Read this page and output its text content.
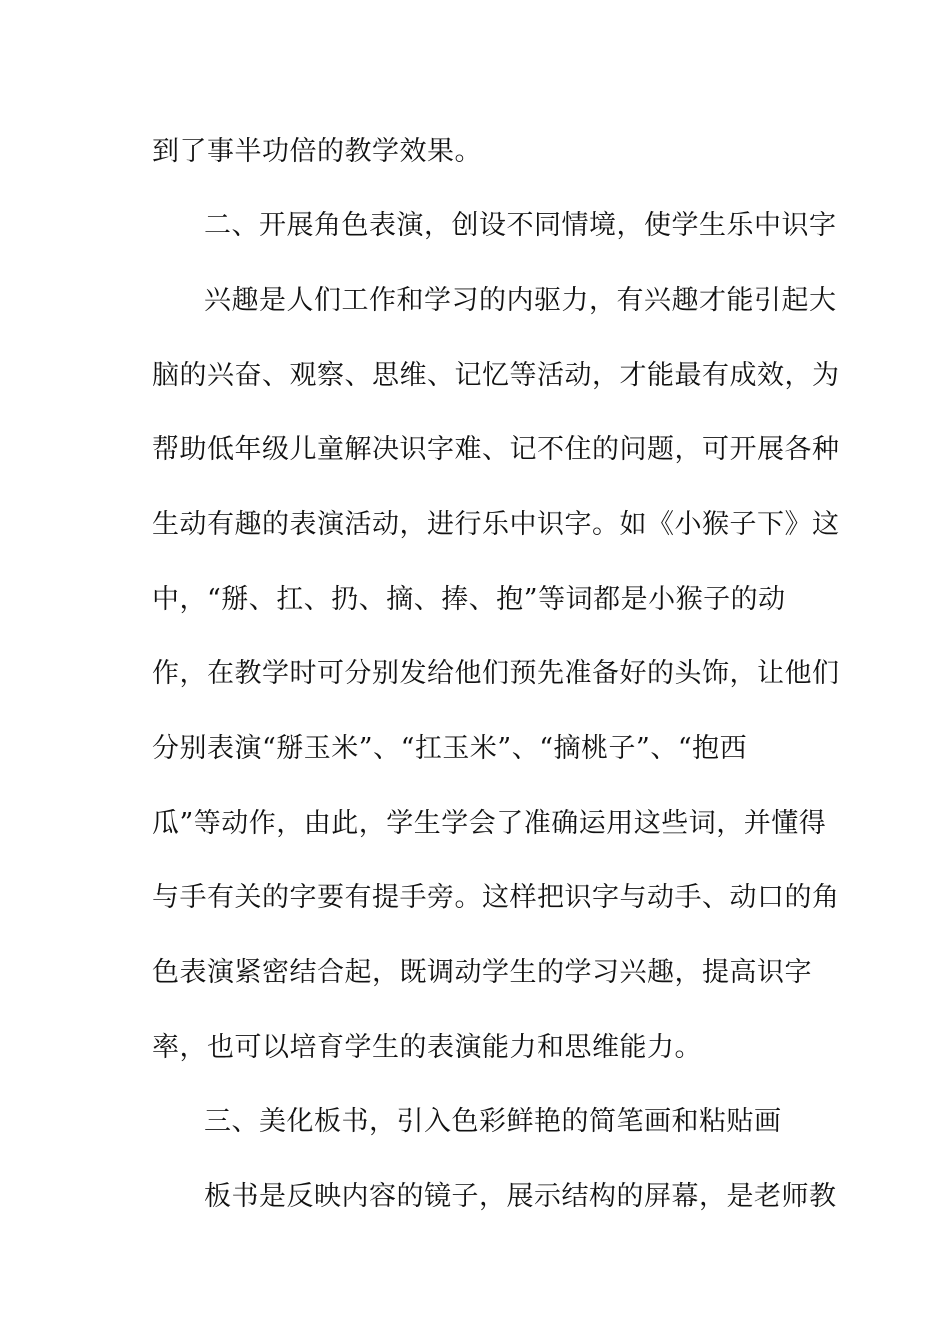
到了事半功倍的教学效果。
二、开展角色表演，创设不同情境，使学生乐中识字
兴趣是人们工作和学习的内驱力，有兴趣才能引起大
脑的兴奋、观察、思维、记忆等活动，才能最有成效，为
帮助低年级儿童解决识字难、记不住的问题，可开展各种
生动有趣的表演活动，进行乐中识字。如《小猴子下》这
中，“掰、扛、扔、摘、捧、抱”等词都是小猴子的动
作，在教学时可分别发给他们预先准备好的头饰，让他们
分别表演“掰玉米”、“扛玉米”、“摘桃子”、“抱西
瓜”等动作，由此，学生学会了准确运用这些词，并懂得
与手有关的字要有提手旁。这样把识字与动手、动口的角
色表演紧密结合起，既调动学生的学习兴趣，提高识字
率，也可以培育学生的表演能力和思维能力。
三、美化板书，引入色彩鲜艳的简笔画和粘贴画
板书是反映内容的镜子，展示结构的屏幕，是老师教
